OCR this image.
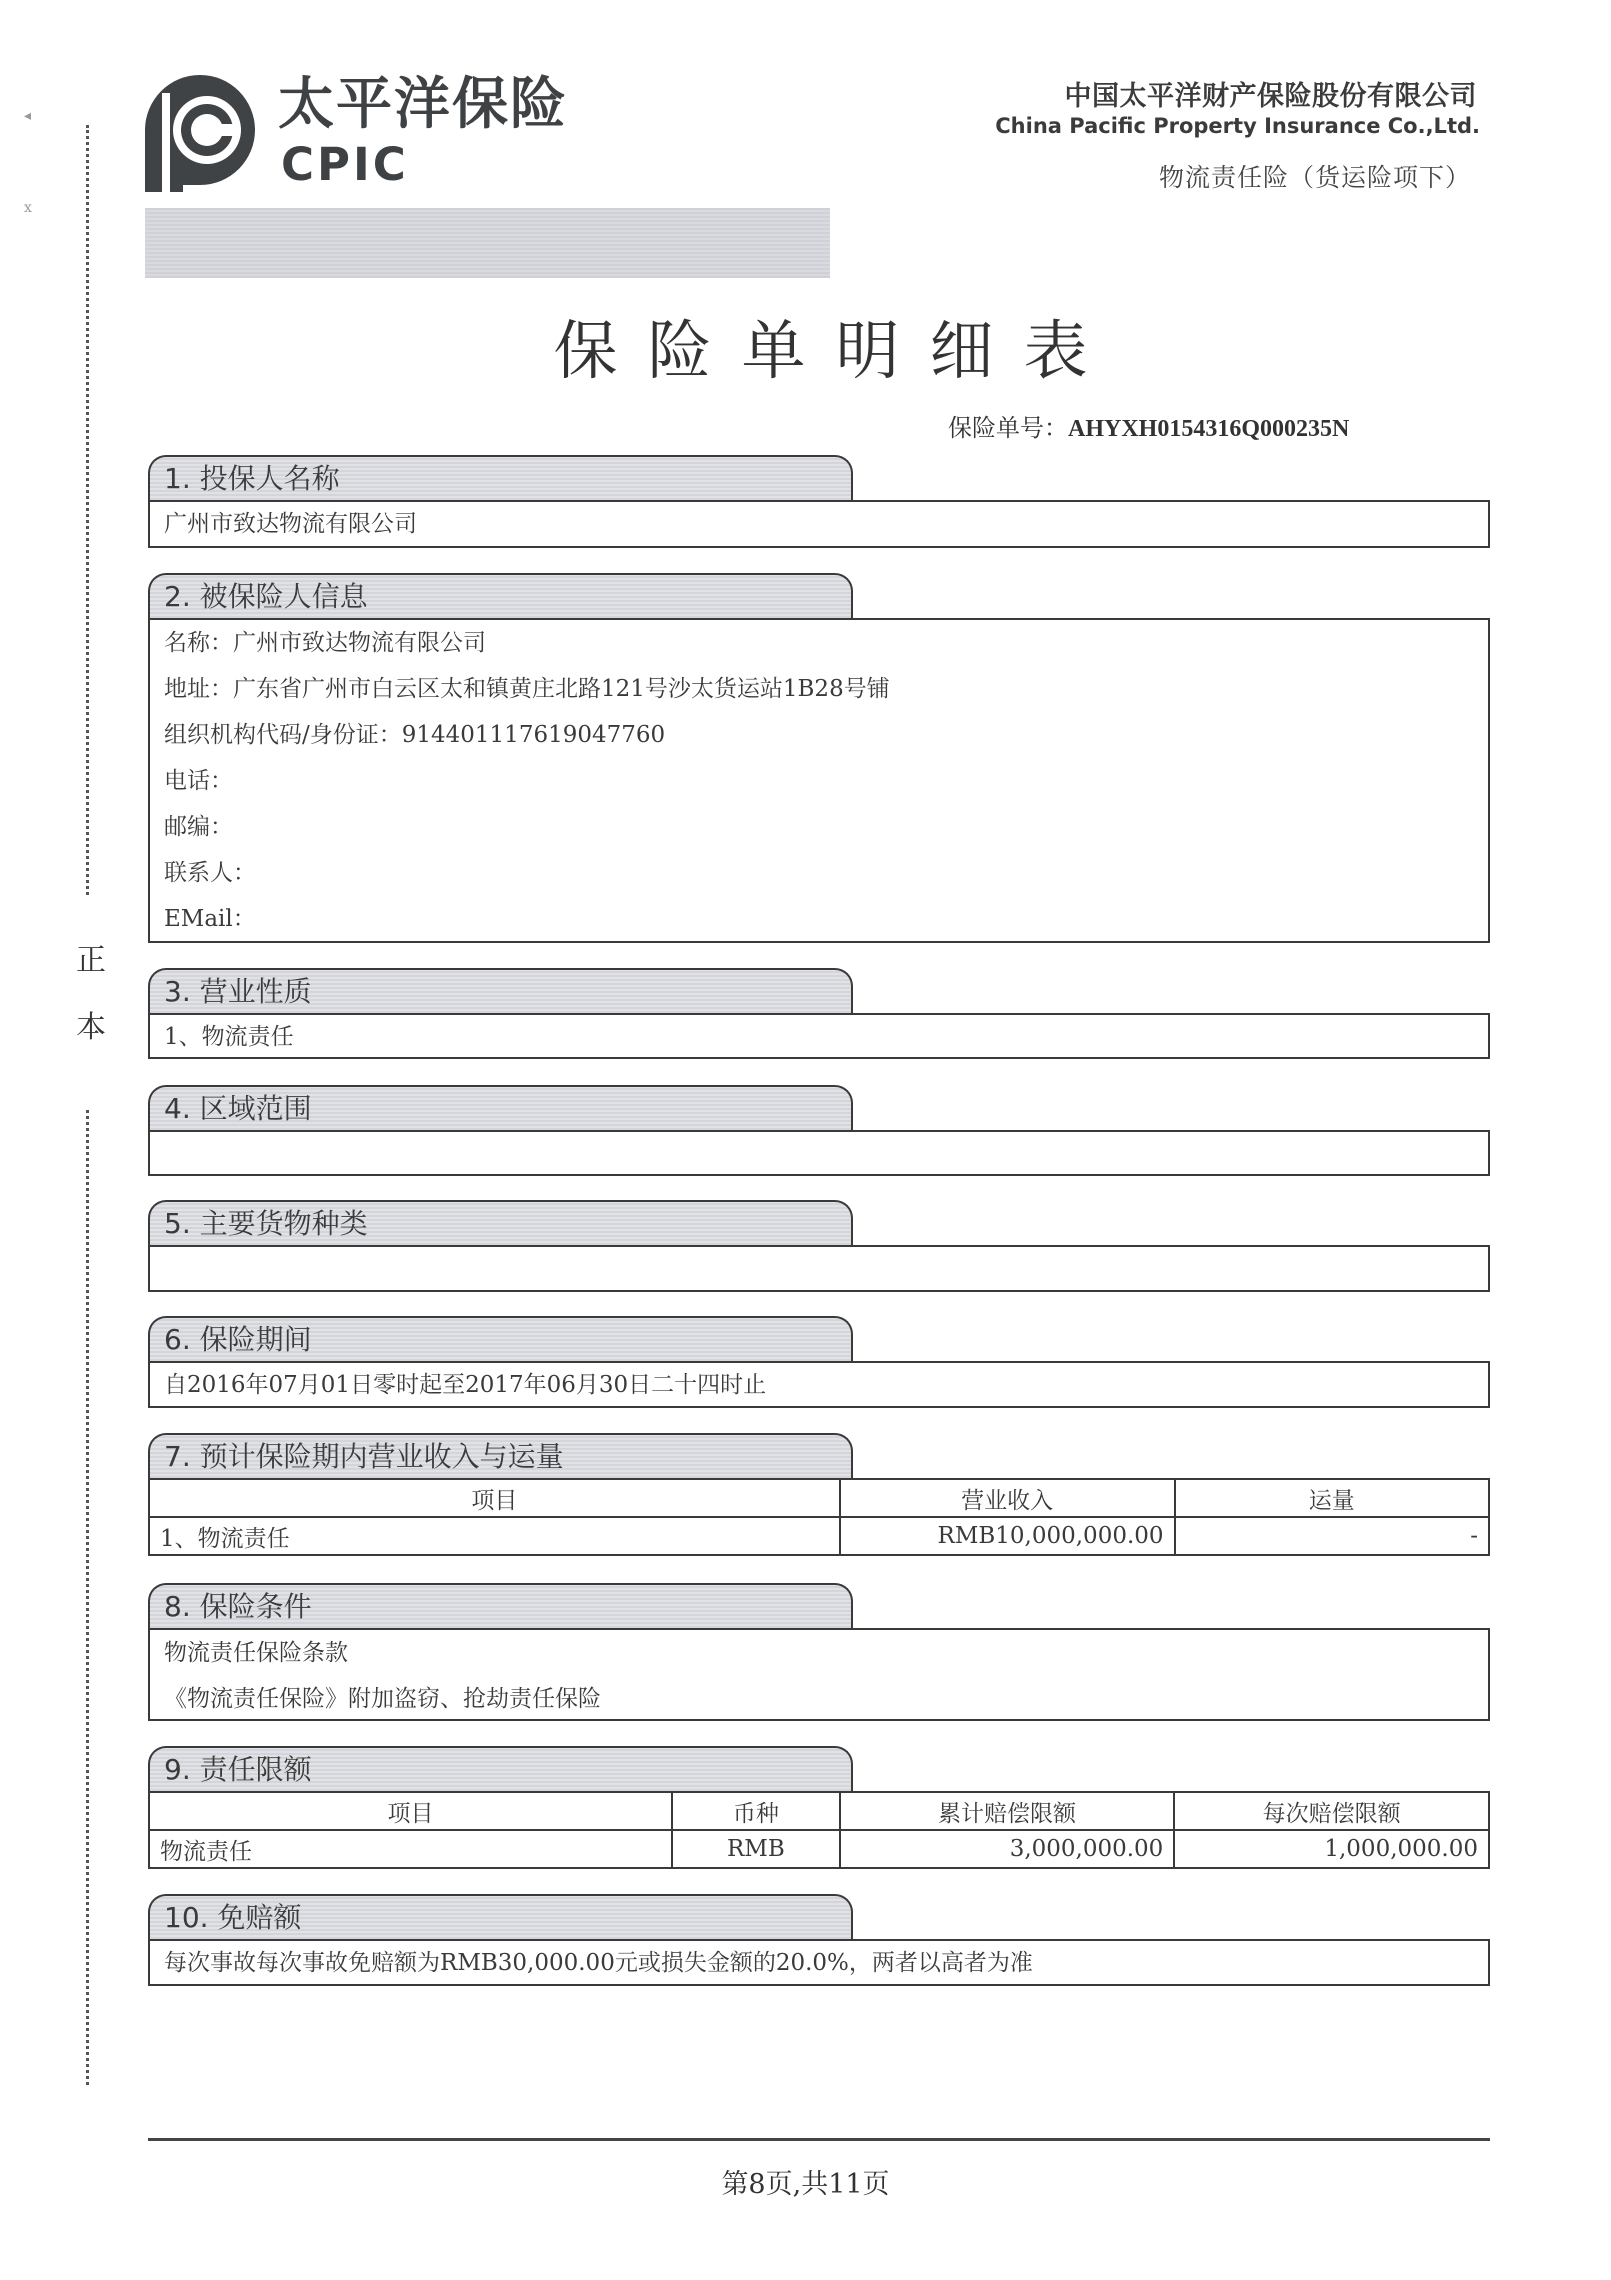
太平洋保险
CPIC
中国太平洋财产保险股份有限公司
China Pacific Property Insurance Co.,Ltd.
物流责任险（货运险项下）
保险单明细表
保险单号：AHYXH0154316Q000235N
◂
x
正
本
1. 投保人名称
广州市致达物流有限公司
2. 被保险人信息
名称：广州市致达物流有限公司
地址：广东省广州市白云区太和镇黄庄北路121号沙太货运站1B28号铺
组织机构代码/身份证：914401117619047760
电话：
邮编：
联系人：
EMail：
3. 营业性质
1、物流责任
4. 区域范围
5. 主要货物种类
6. 保险期间
自2016年07月01日零时起至2017年06月30日二十四时止
7. 预计保险期内营业收入与运量
项目	营业收入	运量
1、物流责任	RMB10,000,000.00	-
8. 保险条件
物流责任保险条款
《物流责任保险》附加盗窃、抢劫责任保险
9. 责任限额
项目	币种	累计赔偿限额	每次赔偿限额
物流责任	RMB	3,000,000.00	1,000,000.00
10. 免赔额
每次事故每次事故免赔额为RMB30,000.00元或损失金额的20.0%，两者以高者为准
第8页,共11页
